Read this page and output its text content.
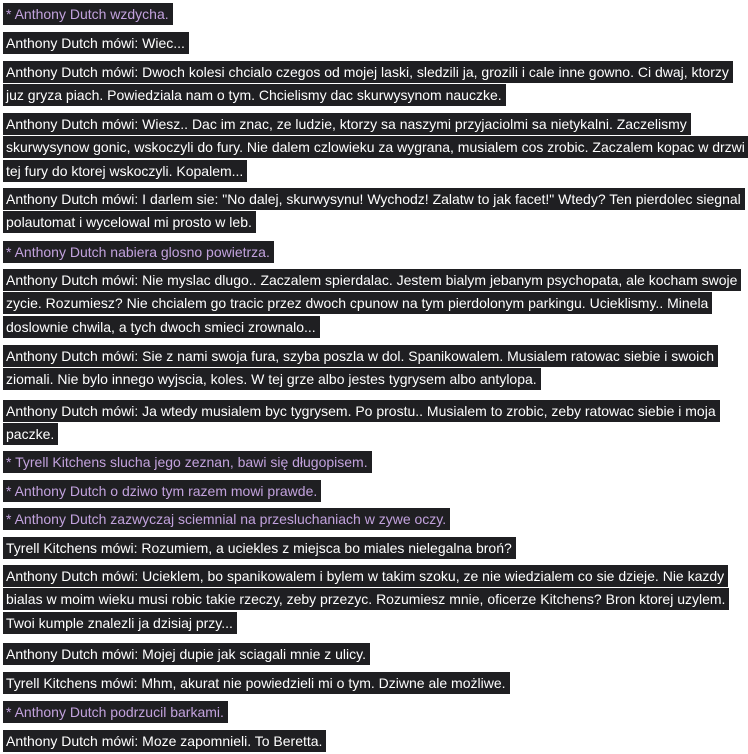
* Anthony Dutch wzdycha.
Anthony Dutch mówi: Wiec...
Anthony Dutch mówi: Dwoch kolesi chcialo czegos od mojej laski, sledzili ja, grozili i cale inne gowno. Ci dwaj, ktorzy juz gryza piach. Powiedziala nam o tym. Chcielismy dac skurwysynom nauczke.
Anthony Dutch mówi: Wiesz.. Dac im znac, ze ludzie, ktorzy sa naszymi przyjaciolmi sa nietykalni. Zaczelismy skurwysynow gonic, wskoczyli do fury. Nie dalem czlowieku za wygrana, musialem cos zrobic. Zaczalem kopac w drzwi tej fury do ktorej wskoczyli. Kopalem...
Anthony Dutch mówi: I darlem sie: "No dalej, skurwysynu! Wychodz! Zalatw to jak facet!" Wtedy? Ten pierdolec siegnal polautomat i wycelowal mi prosto w leb.
* Anthony Dutch nabiera glosno powietrza.
Anthony Dutch mówi: Nie myslac dlugo.. Zaczalem spierdalac. Jestem bialym jebanym psychopata, ale kocham swoje zycie. Rozumiesz? Nie chcialem go tracic przez dwoch cpunow na tym pierdolonym parkingu. Ucieklismy.. Minela doslownie chwila, a tych dwoch smieci zrownalo...
Anthony Dutch mówi: Sie z nami swoja fura, szyba poszla w dol. Spanikowalem. Musialem ratowac siebie i swoich ziomali. Nie bylo innego wyjscia, koles. W tej grze albo jestes tygrysem albo antylopa.
Anthony Dutch mówi: Ja wtedy musialem byc tygrysem. Po prostu.. Musialem to zrobic, zeby ratowac siebie i moja paczke.
* Tyrell Kitchens slucha jego zeznan, bawi się długopisem.
* Anthony Dutch o dziwo tym razem mowi prawde.
* Anthony Dutch zazwyczaj sciemnial na przesluchaniach w zywe oczy.
Tyrell Kitchens mówi: Rozumiem, a uciekles z miejsca bo miales nielegalna broń?
Anthony Dutch mówi: Ucieklem, bo spanikowalem i bylem w takim szoku, ze nie wiedzialem co sie dzieje. Nie kazdy bialas w moim wieku musi robic takie rzeczy, zeby przezyc. Rozumiesz mnie, oficerze Kitchens? Bron ktorej uzylem. Twoi kumple znalezli ja dzisiaj przy...
Anthony Dutch mówi: Mojej dupie jak sciagali mnie z ulicy.
Tyrell Kitchens mówi: Mhm, akurat nie powiedzieli mi o tym. Dziwne ale możliwe.
* Anthony Dutch podrzucil barkami.
Anthony Dutch mówi: Moze zapomnieli. To Beretta.
